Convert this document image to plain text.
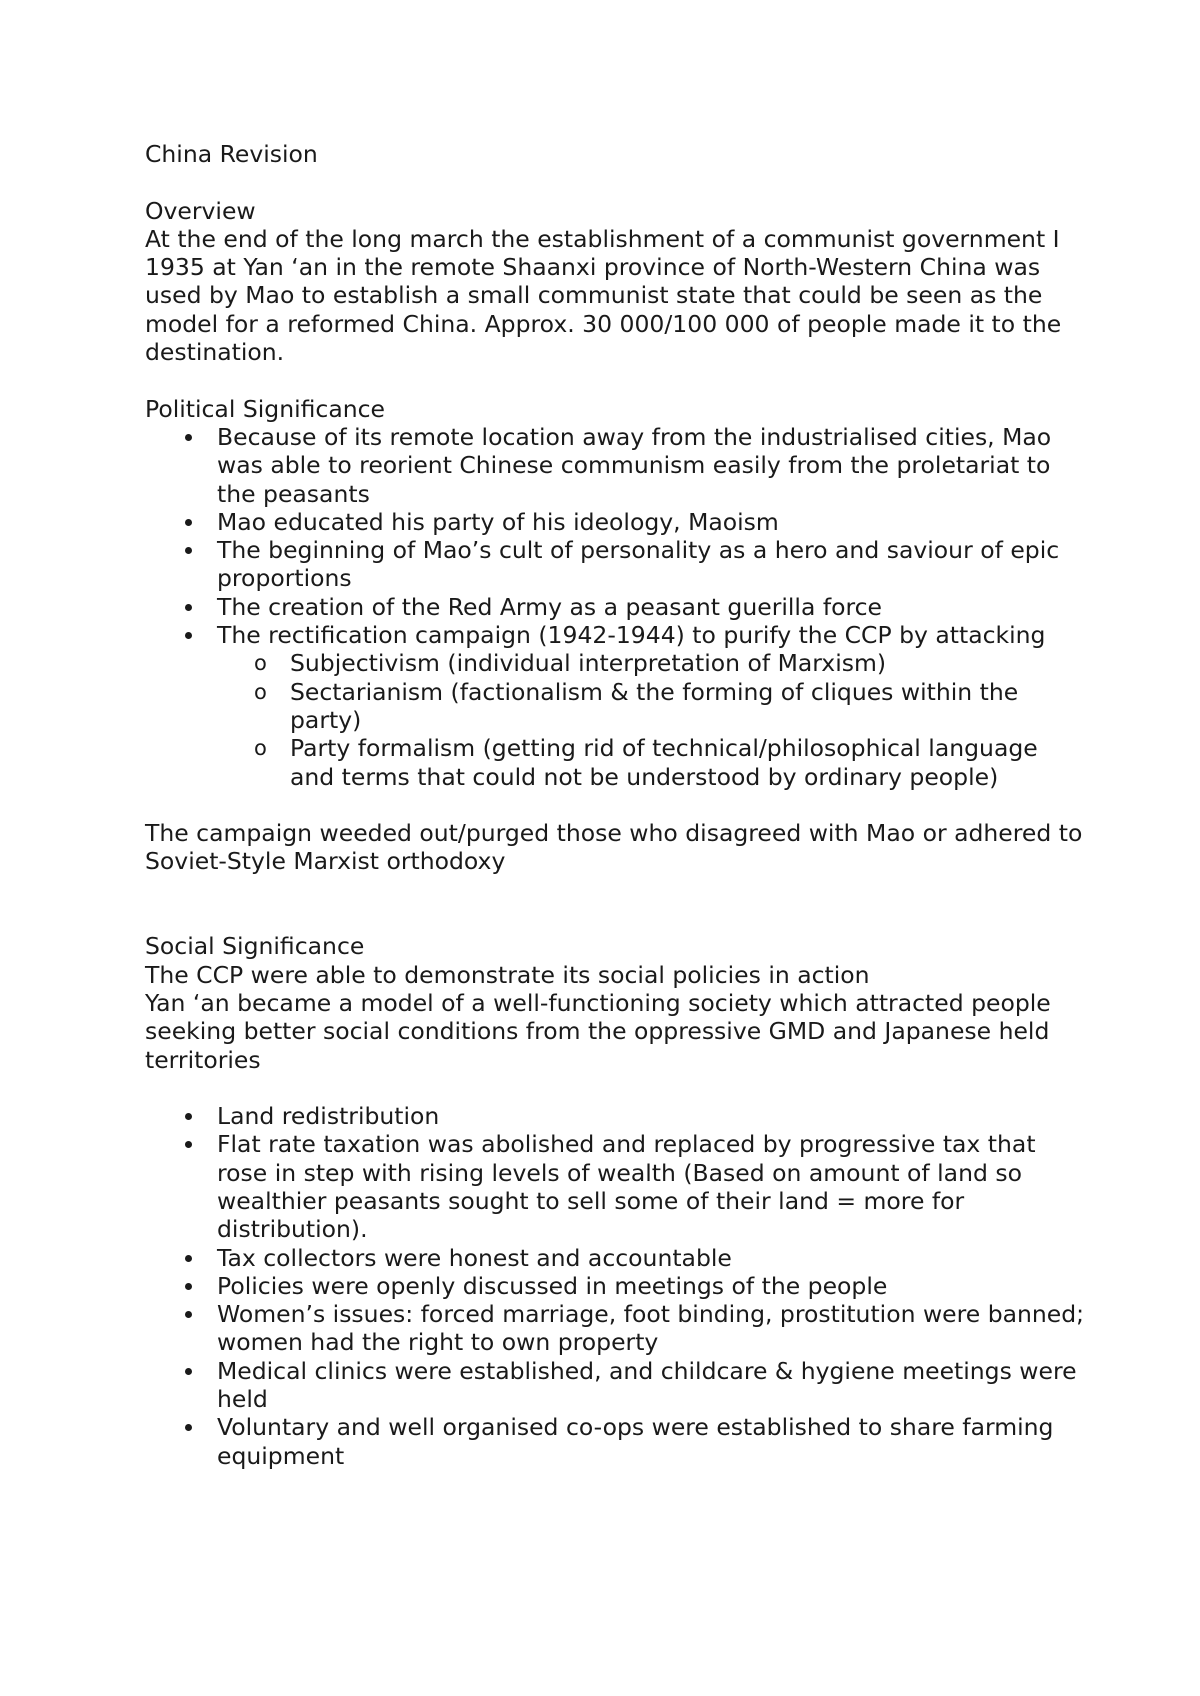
China Revision

Overview

At the end of the long march the establishment of a communist government I 1935 at Yan ‘an in the remote Shaanxi province of North-Western China was used by Mao to establish a small communist state that could be seen as the model for a reformed China. Approx. 30 000/100 000 of people made it to the destination.

Political Significance

Because of its remote location away from the industrialised cities, Mao was able to reorient Chinese communism easily from the proletariat to the peasants
Mao educated his party of his ideology, Maoism
The beginning of Mao’s cult of personality as a hero and saviour of epic proportions
The creation of the Red Army as a peasant guerilla force
The rectification campaign (1942-1944) to purify the CCP by attacking
o Subjectivism (individual interpretation of Marxism)
o Sectarianism (factionalism & the forming of cliques within the party)
o Party formalism (getting rid of technical/philosophical language and terms that could not be understood by ordinary people)

The campaign weeded out/purged those who disagreed with Mao or adhered to Soviet-Style Marxist orthodoxy

Social Significance

The CCP were able to demonstrate its social policies in action

Yan ‘an became a model of a well-functioning society which attracted people seeking better social conditions from the oppressive GMD and Japanese held territories

Land redistribution
Flat rate taxation was abolished and replaced by progressive tax that rose in step with rising levels of wealth (Based on amount of land so wealthier peasants sought to sell some of their land = more for distribution).
Tax collectors were honest and accountable
Policies were openly discussed in meetings of the people
Women’s issues: forced marriage, foot binding, prostitution were banned; women had the right to own property
Medical clinics were established, and childcare & hygiene meetings were held
Voluntary and well organised co-ops were established to share farming equipment
